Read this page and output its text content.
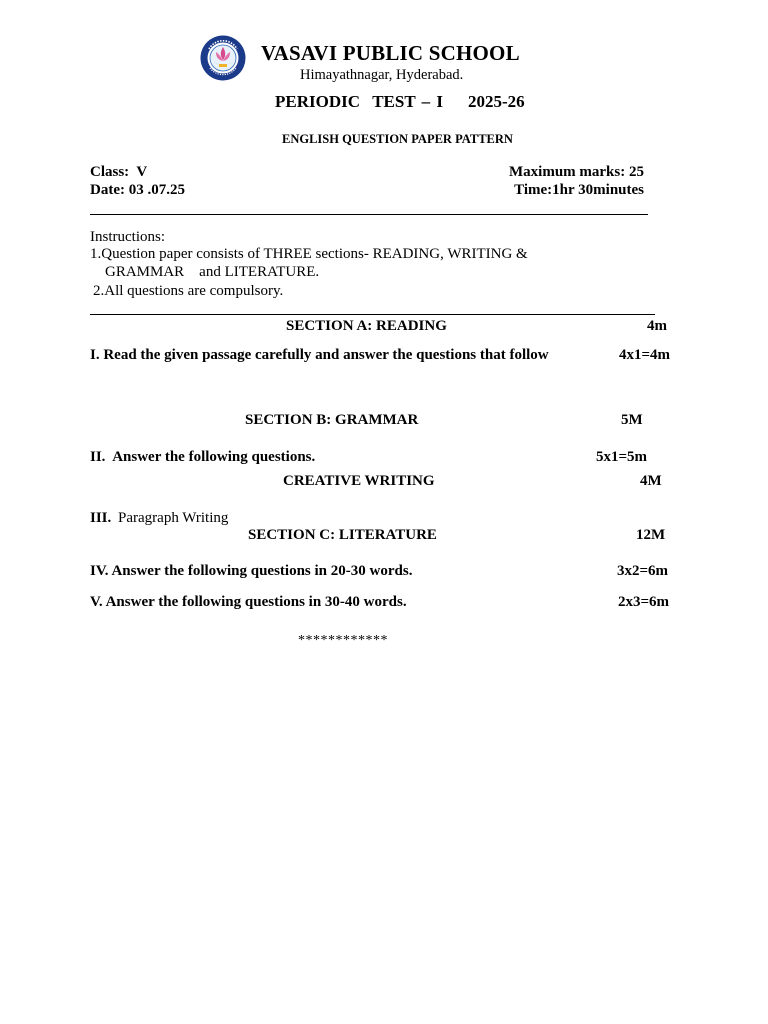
VASAVI PUBLIC SCHOOL
Himayathnagar, Hyderabad.
PERIODIC  TEST – I    2025-26
ENGLISH QUESTION PAPER PATTERN
Class:  V
Date: 03 .07.25
Maximum marks: 25
Time:1hr 30minutes
Instructions:
1.Question paper consists of THREE sections- READING, WRITING &
GRAMMAR    and LITERATURE.
2.All questions are compulsory.
SECTION A: READING	4m
I. Read the given passage carefully and answer the questions that follow	4x1=4m
SECTION B: GRAMMAR	5M
II. Answer the following questions.	5x1=5m
CREATIVE WRITING	4M
III. Paragraph Writing
SECTION C: LITERATURE	12M
IV. Answer the following questions in 20-30 words.	3x2=6m
V. Answer the following questions in 30-40 words.	2x3=6m
************
